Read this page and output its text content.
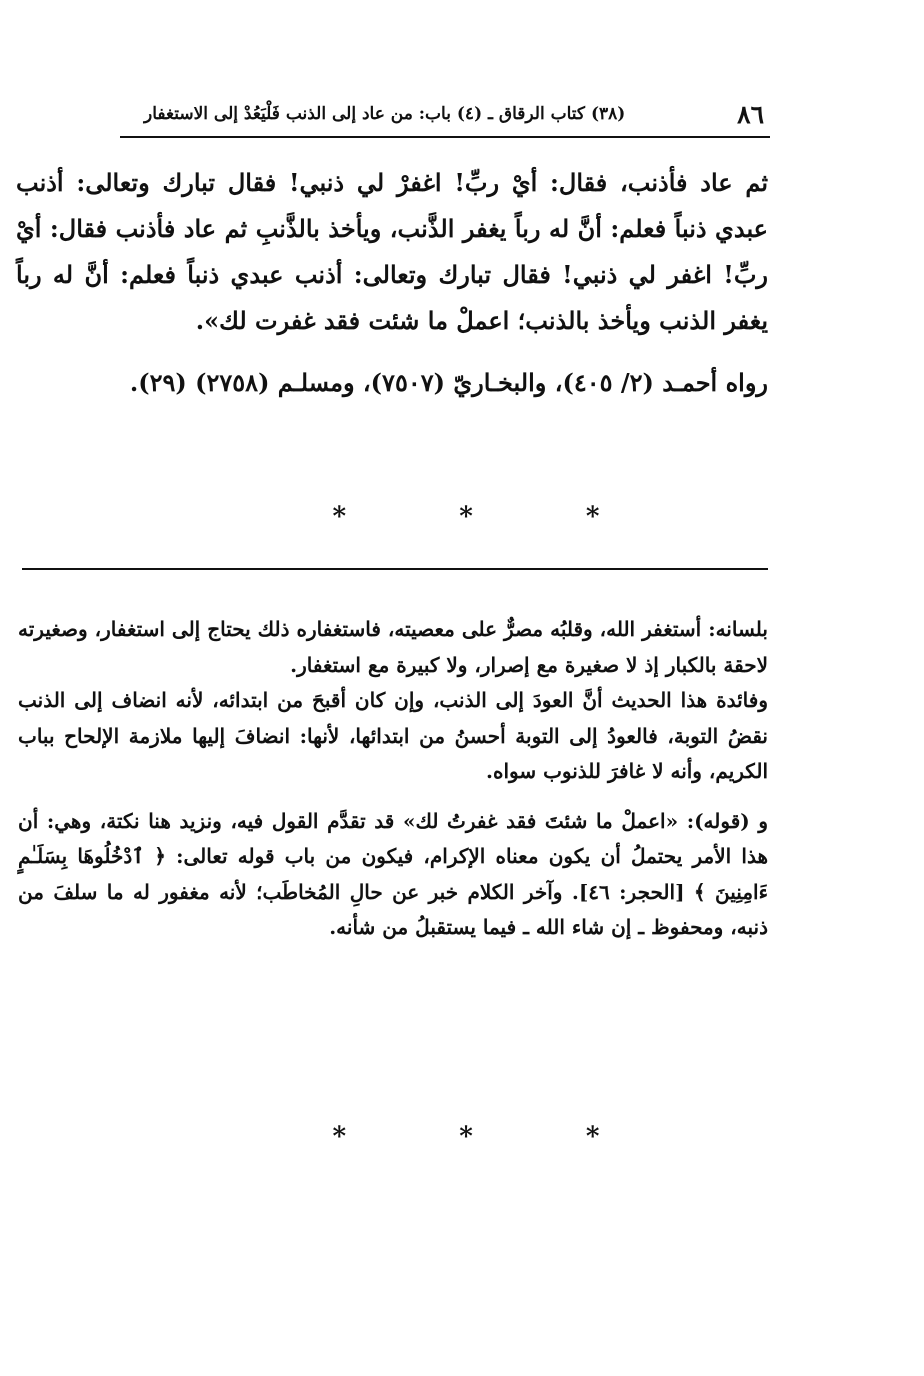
٨٦
(٣٨) كتاب الرقاق ـ (٤) باب: من عاد إلى الذنب فَلْيَعُدْ إلى الاستغفار

ثم عاد فأذنب، فقال: أيْ ربِّ! اغفرْ لي ذنبي! فقال تبارك وتعالى: أذنب عبدي ذنباً فعلم: أنَّ له رباً يغفر الذَّنب، ويأخذ بالذَّنبِ ثم عاد فأذنب فقال: أيْ ربِّ! اغفر لي ذنبي! فقال تبارك وتعالى: أذنب عبدي ذنباً فعلم: أنَّ له رباً يغفر الذنب ويأخذ بالذنب؛ اعملْ ما شئت فقد غفرت لك».

رواه أحمـد (٢/ ٤٠٥)، والبخـاريّ (٧٥٠٧)، ومسلـم (٢٧٥٨) (٢٩).

* * *

بلسانه: أستغفر الله، وقلبُه مصرٌّ على معصيته، فاستغفاره ذلك يحتاج إلى استغفار، وصغيرته لاحقة بالكبار إذ لا صغيرة مع إصرار، ولا كبيرة مع استغفار.

وفائدة هذا الحديث أنَّ العودَ إلى الذنب، وإن كان أقبحَ من ابتدائه، لأنه انضاف إلى الذنب نقضُ التوبة، فالعودُ إلى التوبة أحسنُ من ابتدائها، لأنها: انضافَ إليها ملازمة الإلحاح بباب الكريم، وأنه لا غافرَ للذنوب سواه.

و (قوله): «اعملْ ما شئتَ فقد غفرتُ لك» قد تقدَّم القول فيه، ونزيد هنا نكتة، وهي: أن هذا الأمر يحتملُ أن يكون معناه الإكرام، فيكون من باب قوله تعالى: ﴿ ٱدْخُلُوهَا بِسَلَـٰمٍ ءَامِنِينَ ﴾ [الحجر: ٤٦]. وآخر الكلام خبر عن حالِ المُخاطَب؛ لأنه مغفور له ما سلفَ من ذنبه، ومحفوظ ـ إن شاء الله ـ فيما يستقبلُ من شأنه.

* * *
